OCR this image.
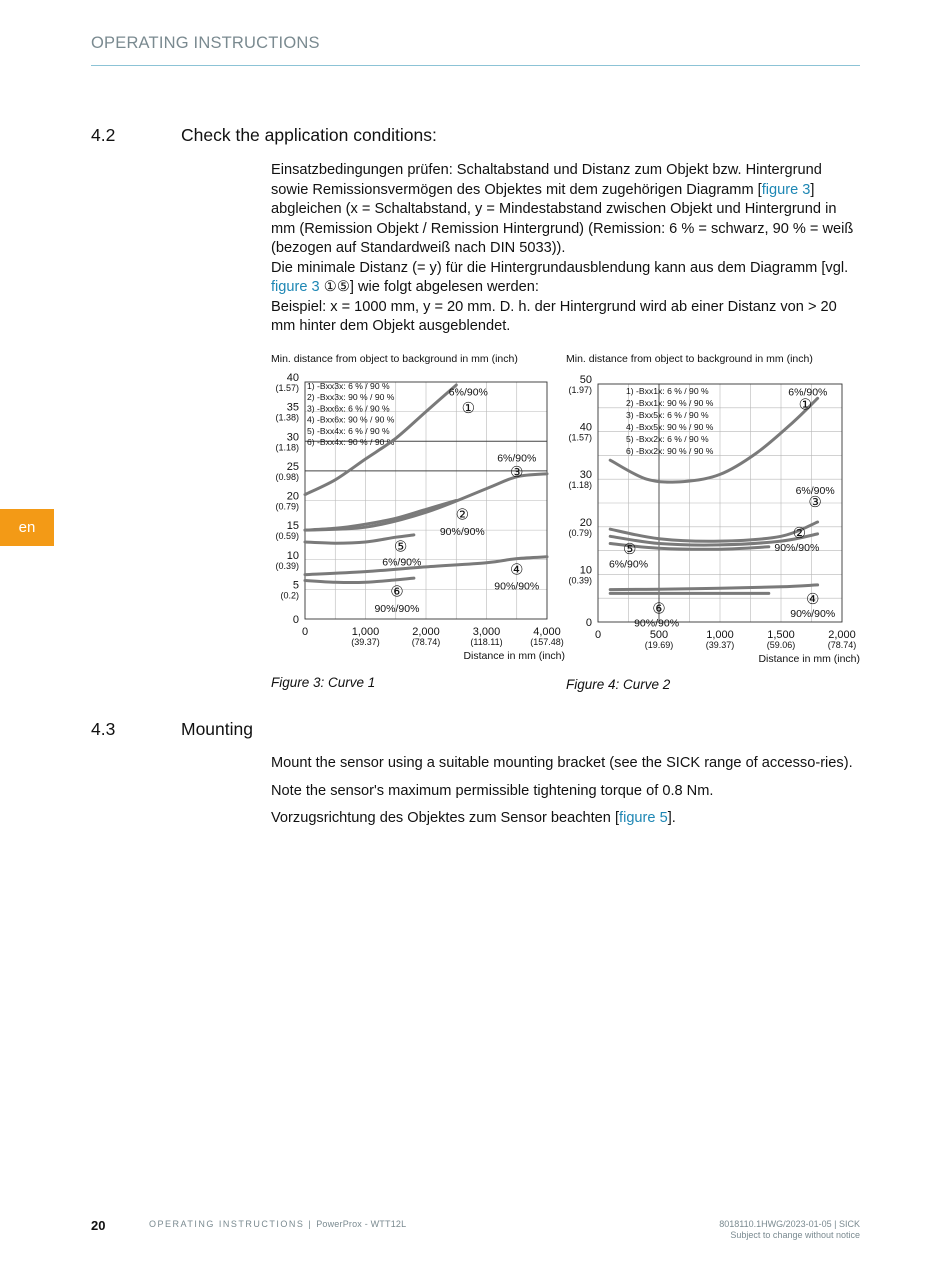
OPERATING INSTRUCTIONS
en
4.2	Check the application conditions:

Einsatzbedingungen prüfen: Schaltabstand und Distanz zum Objekt bzw. Hintergrund sowie Remissionsvermögen des Objektes mit dem zugehörigen Diagramm [figure 3] abgleichen (x = Schaltabstand, y = Mindestabstand zwischen Objekt und Hintergrund in mm (Remission Objekt / Remission Hintergrund) (Remission: 6 % = schwarz, 90 % = weiß (bezogen auf Standardweiß nach DIN 5033)).

Die minimale Distanz (= y) für die Hintergrundausblendung kann aus dem Diagramm [vgl. figure 3 ①⑤] wie folgt abgelesen werden:

Beispiel: x = 1000 mm, y = 20 mm. D. h. der Hintergrund wird ab einer Distanz von > 20 mm hinter dem Objekt ausgeblendet.

Min. distance from object to background in mm (inch)	Min. distance from object to background in mm (inch)
40
(1.57)
35
(1.38)
30
(1.18)
25
(0.98)
20
(0.79)
15
(0.59)
10
(0.39)
5
(0.2)
0
0	1,000
(39.37)
2,000
(78.74)
3,000
(118.11)
4,000
(157.48)
Distance in mm (inch)
1) -Bxx3x: 6 % / 90 %
2) -Bxx3x: 90 % / 90 %
3) -Bxx6x: 6 % / 90 %
4) -Bxx6x: 90 % / 90 %
5) -Bxx4x: 6 % / 90 %
6) -Bxx4x: 90 % / 90 %
6%/90%
①
6%/90%
③
②
90%/90%
⑤
6%/90%	④
90%/90%
⑥
90%/90%
50
(1.97)
40
(1.57)
30
(1.18)
20
(0.79)
10
(0.39)
0
0	500
(19.69)
1,000
(39.37)
1,500
(59.06)
2,000
(78.74)
Distance in mm (inch)
1) -Bxx1x: 6 % / 90 %
2) -Bxx1x: 90 % / 90 %
3) -Bxx5x: 6 % / 90 %
4) -Bxx5x: 90 % / 90 %
5) -Bxx2x: 6 % / 90 %
6) -Bxx2x: 90 % / 90 %
6%/90%
①
6%/90%
③
②
90%/90%
⑤
6%/90%
④
90%/90%
⑥
90%/90%
Figure 3: Curve 1	Figure 4: Curve 2
4.3	Mounting

Mount the sensor using a suitable mounting bracket (see the SICK range of accesso-ries).

Note the sensor's maximum permissible tightening torque of 0.8 Nm.

Vorzugsrichtung des Objektes zum Sensor beachten [figure 5].

20	OPERATING INSTRUCTIONS | PowerProx - WTT12L	8018110.1HWG/2023-01-05 | SICK
Subject to change without notice
